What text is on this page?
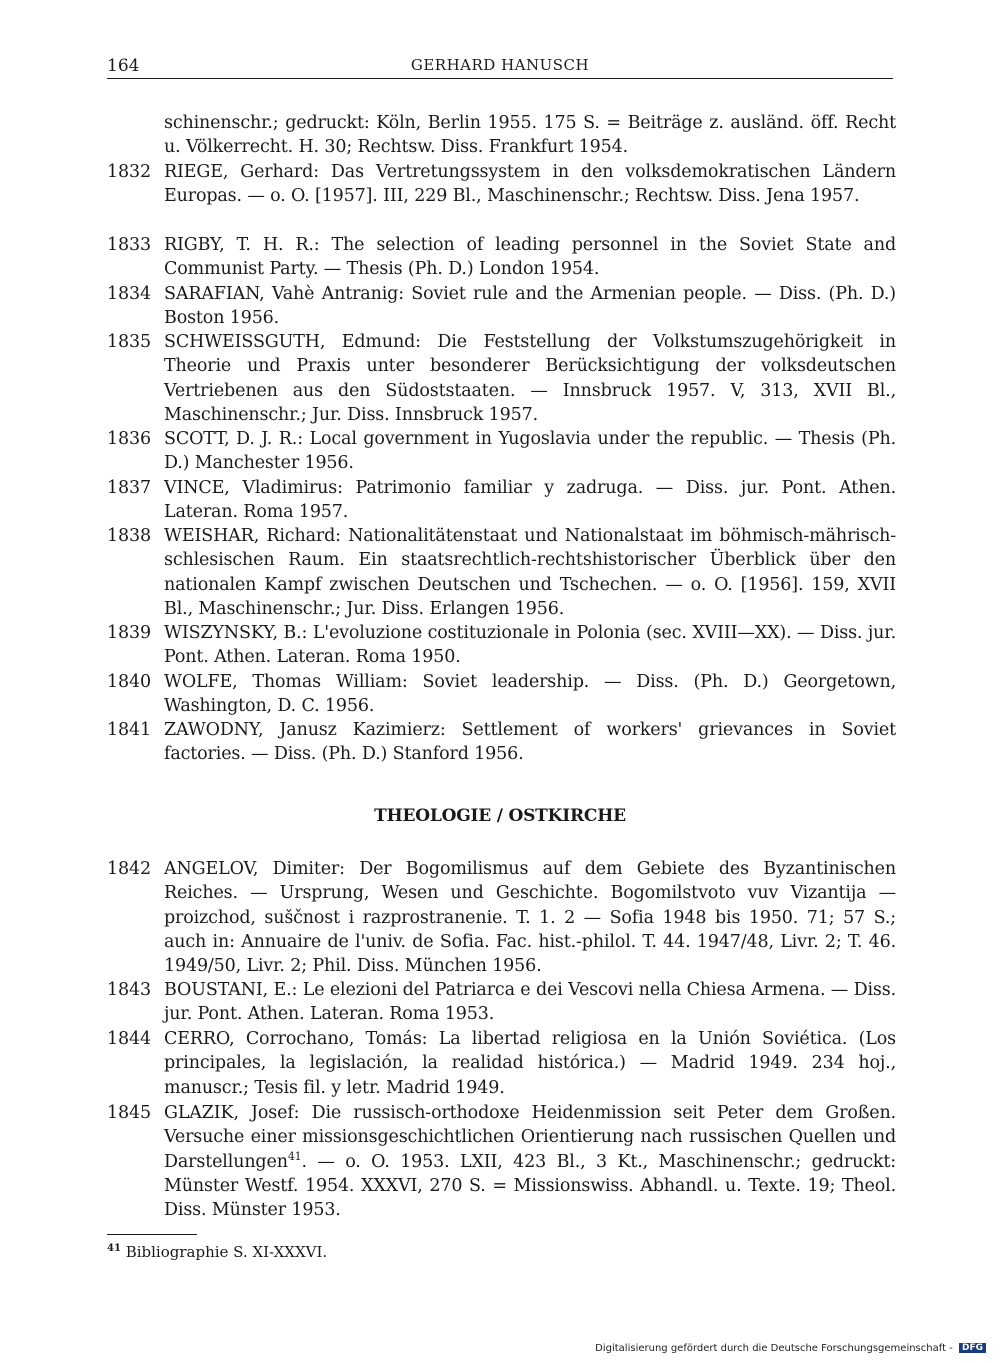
164	GERHARD HANUSCH
schinenschr.; gedruckt: Köln, Berlin 1955. 175 S. = Beiträge z. ausländ. öff. Recht u. Völkerrecht. H. 30; Rechtsw. Diss. Frankfurt 1954.
1832 RIEGE, Gerhard: Das Vertretungssystem in den volksdemokratischen Ländern Europas. — o. O. [1957]. III, 229 Bl., Maschinenschr.; Rechtsw. Diss. Jena 1957.
1833 RIGBY, T. H. R.: The selection of leading personnel in the Soviet State and Communist Party. — Thesis (Ph. D.) London 1954.
1834 SARAFIAN, Vahè Antranig: Soviet rule and the Armenian people. — Diss. (Ph. D.) Boston 1956.
1835 SCHWEISSGUTH, Edmund: Die Feststellung der Volkstumszugehörigkeit in Theorie und Praxis unter besonderer Berücksichtigung der volksdeutschen Vertriebenen aus den Südoststaaten. — Innsbruck 1957. V, 313, XVII Bl., Maschinenschr.; Jur. Diss. Innsbruck 1957.
1836 SCOTT, D. J. R.: Local government in Yugoslavia under the republic. — Thesis (Ph. D.) Manchester 1956.
1837 VINCE, Vladimirus: Patrimonio familiar y zadruga. — Diss. jur. Pont. Athen. Lateran. Roma 1957.
1838 WEISHAR, Richard: Nationalitätenstaat und Nationalstaat im böhmisch-mährisch-schlesischen Raum. Ein staatsrechtlich-rechtshistorischer Überblick über den nationalen Kampf zwischen Deutschen und Tschechen. — o. O. [1956]. 159, XVII Bl., Maschinenschr.; Jur. Diss. Erlangen 1956.
1839 WISZYNSKY, B.: L'evoluzione costituzionale in Polonia (sec. XVIII—XX). — Diss. jur. Pont. Athen. Lateran. Roma 1950.
1840 WOLFE, Thomas William: Soviet leadership. — Diss. (Ph. D.) Georgetown, Washington, D. C. 1956.
1841 ZAWODNY, Janusz Kazimierz: Settlement of workers' grievances in Soviet factories. — Diss. (Ph. D.) Stanford 1956.
THEOLOGIE / OSTKIRCHE
1842 ANGELOV, Dimiter: Der Bogomilismus auf dem Gebiete des Byzantinischen Reiches. — Ursprung, Wesen und Geschichte. Bogomilstvoto vuv Vizantija — proizchod, suščnost i razprostranenie. T. 1. 2 — Sofia 1948 bis 1950. 71; 57 S.; auch in: Annuaire de l'univ. de Sofia. Fac. hist.-philol. T. 44. 1947/48, Livr. 2; T. 46. 1949/50, Livr. 2; Phil. Diss. München 1956.
1843 BOUSTANI, E.: Le elezioni del Patriarca e dei Vescovi nella Chiesa Armena. — Diss. jur. Pont. Athen. Lateran. Roma 1953.
1844 CERRO, Corrochano, Tomás: La libertad religiosa en la Unión Soviética. (Los principales, la legislación, la realidad histórica.) — Madrid 1949. 234 hoj., manuscr.; Tesis fil. y letr. Madrid 1949.
1845 GLAZIK, Josef: Die russisch-orthodoxe Heidenmission seit Peter dem Großen. Versuche einer missionsgeschichtlichen Orientierung nach russischen Quellen und Darstellungen$^{41}$. — o. O. 1953. LXII, 423 Bl., 3 Kt., Maschinenschr.; gedruckt: Münster Westf. 1954. XXXVI, 270 S. = Missionswiss. Abhandl. u. Texte. 19; Theol. Diss. Münster 1953.
$^{41}$ Bibliographie S. XI-XXXVI.
Digitalisierung gefördert durch die Deutsche Forschungsgemeinschaft - DFG
